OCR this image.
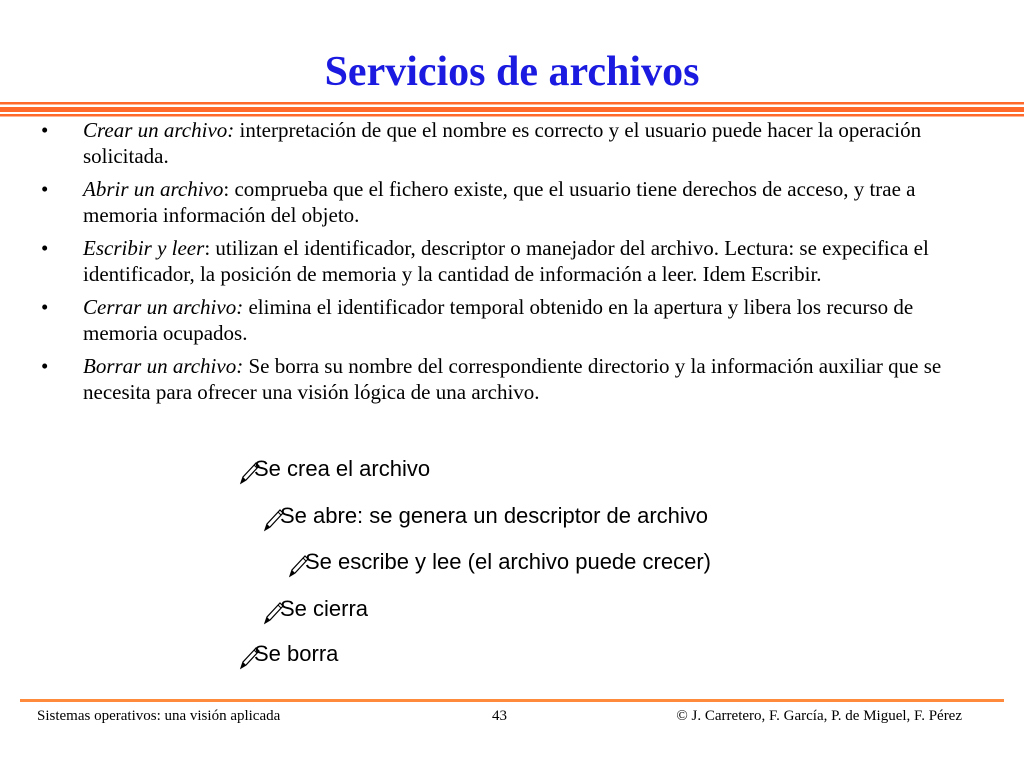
Servicios de archivos
• Crear un archivo: interpretación de que el nombre es correcto y el usuario puede hacer la operación solicitada.
• Abrir un archivo: comprueba que el fichero existe, que el usuario tiene derechos de acceso, y trae a memoria información del objeto.
• Escribir y leer: utilizan el identificador, descriptor o manejador del archivo. Lectura: se expecifica el identificador, la posición de memoria y la cantidad de información a leer. Idem Escribir.
• Cerrar un archivo: elimina el identificador temporal obtenido en la apertura y libera los recurso de memoria ocupados.
• Borrar un archivo: Se borra su nombre del correspondiente directorio y la información auxiliar que se necesita para ofrecer una visión lógica de una archivo.
Se crea el archivo
Se abre: se genera un descriptor de archivo
Se escribe y lee (el archivo puede crecer)
Se cierra
Se borra
Sistemas operativos: una visión aplicada	43	© J. Carretero, F. García, P. de Miguel, F. Pérez
